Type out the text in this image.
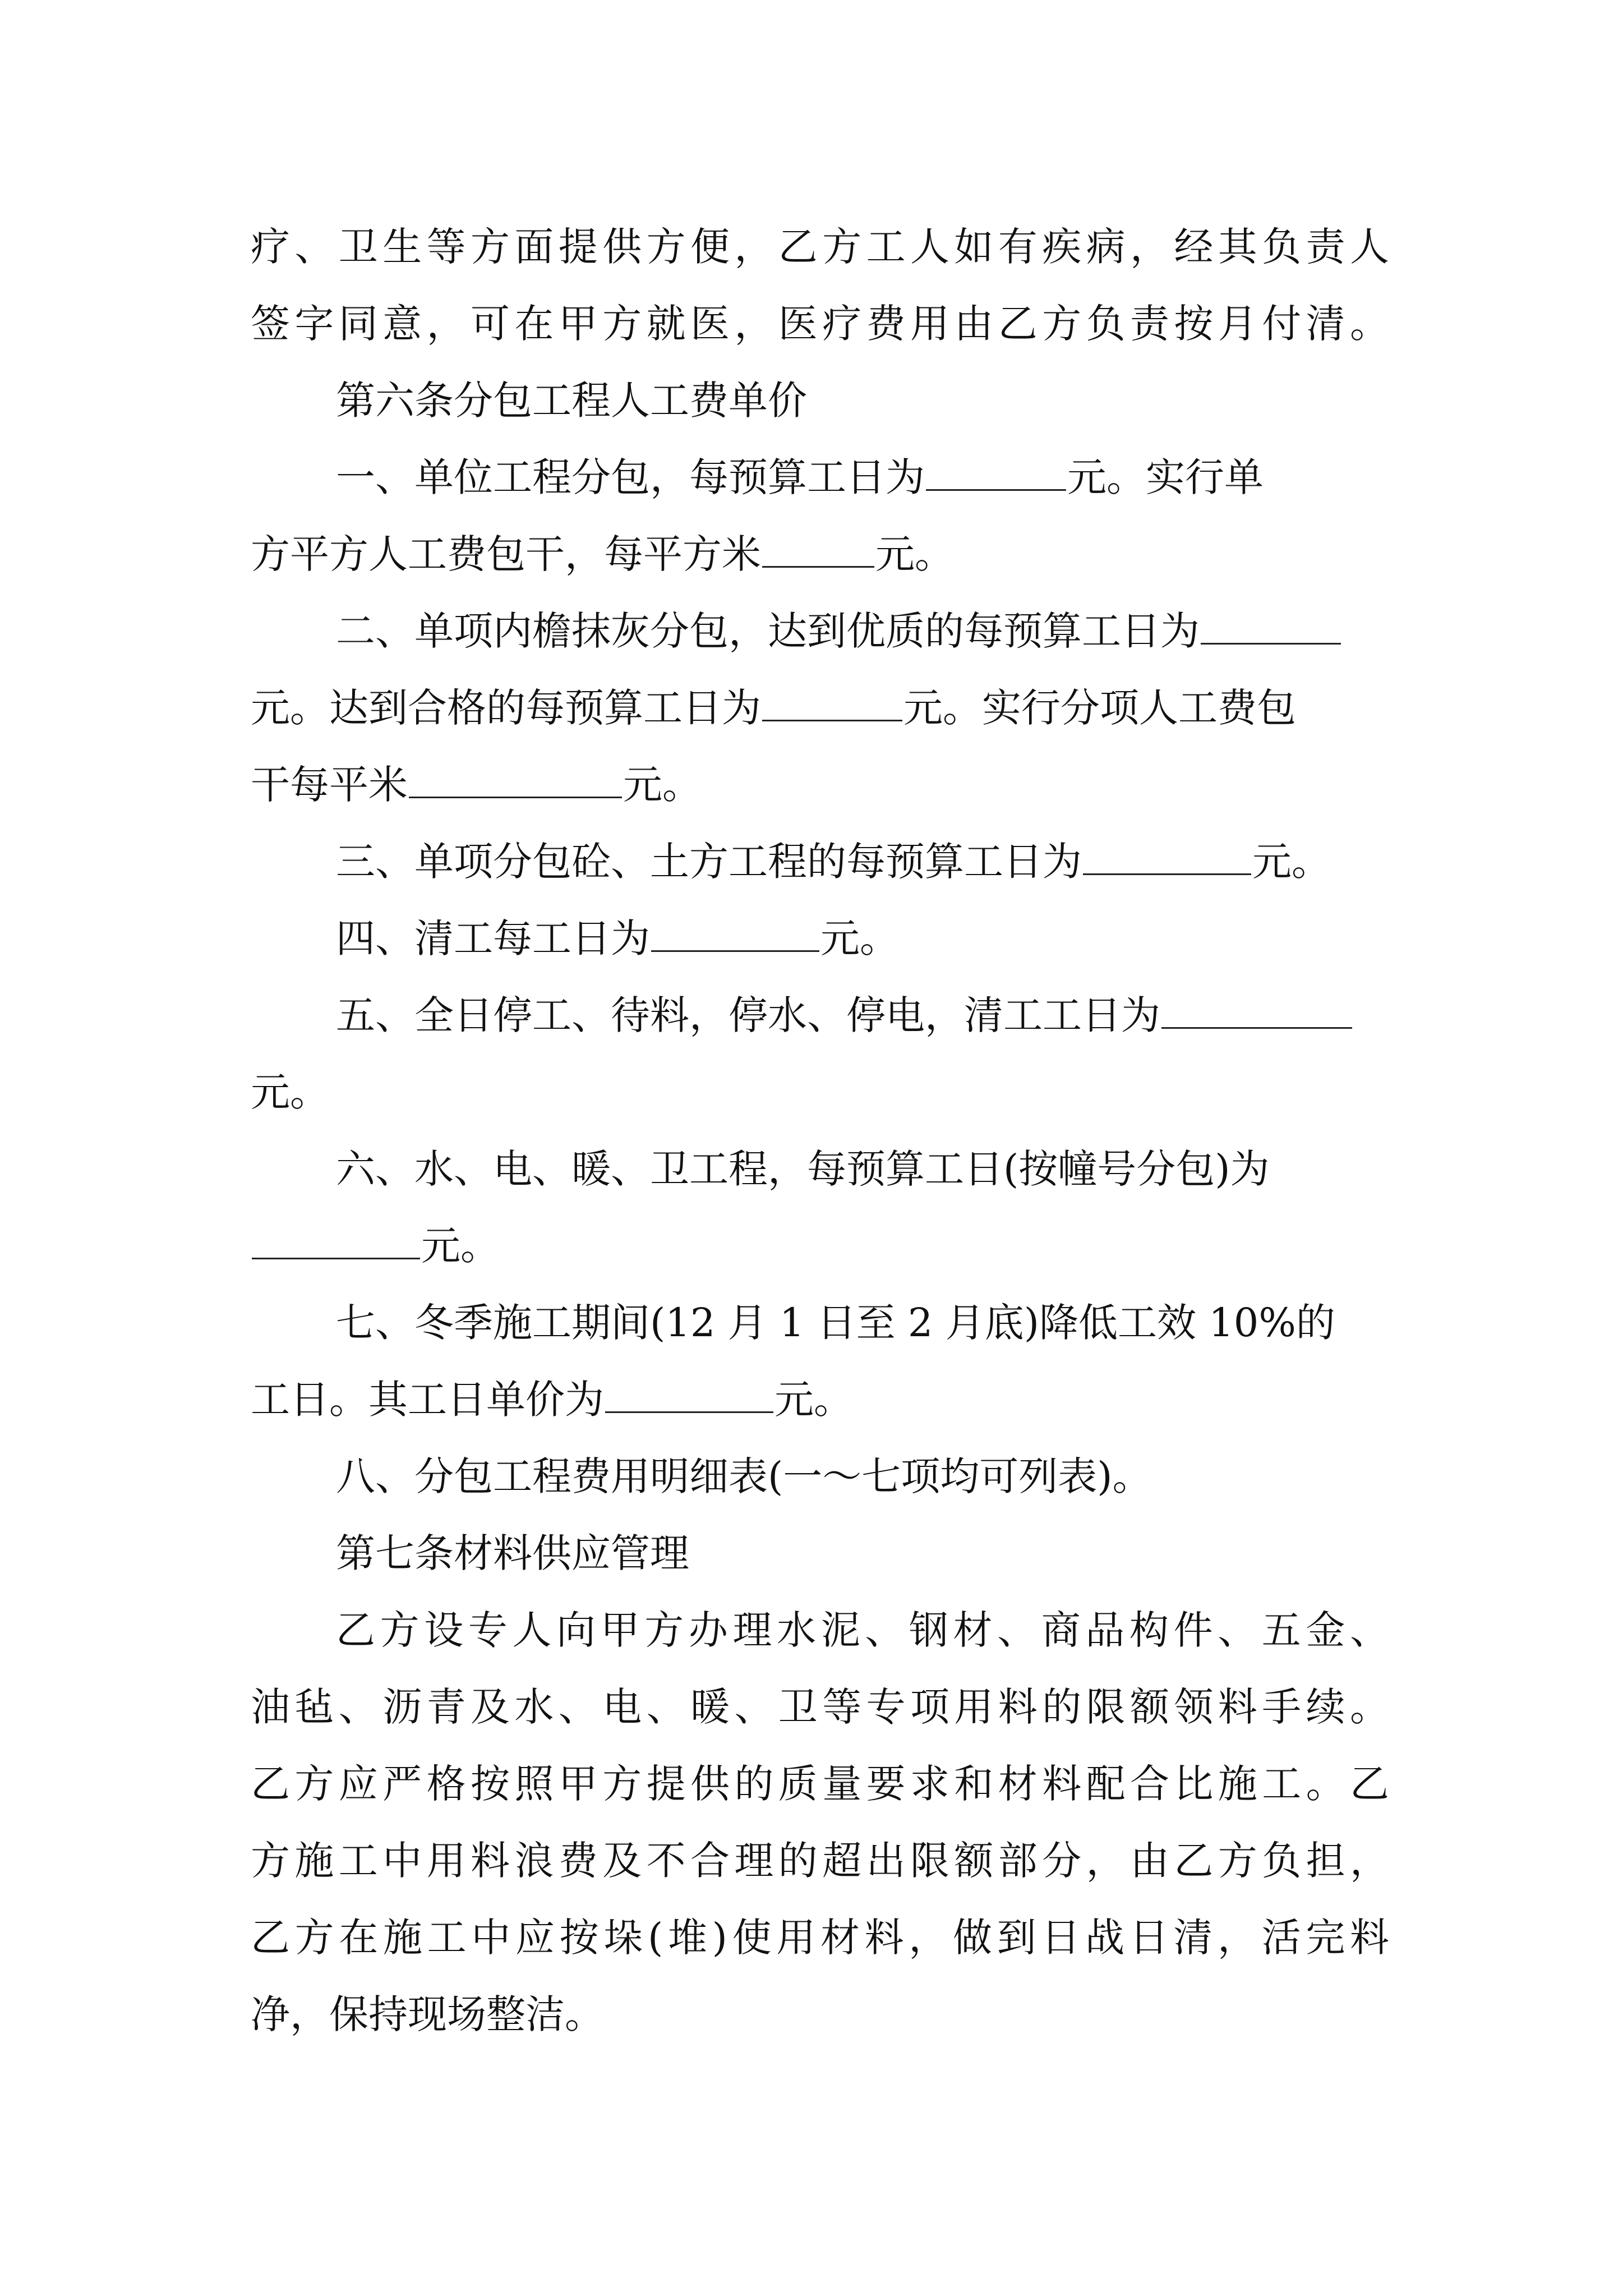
疗、卫生等方面提供方便，乙方工人如有疾病，经其负责人
签字同意，可在甲方就医，医疗费用由乙方负责按月付清。
第六条分包工程人工费单价
一、单位工程分包，每预算工日为	元。实行单
方平方人工费包干，每平方米	元。
二、单项内檐抹灰分包，达到优质的每预算工日为
元。达到合格的每预算工日为	元。实行分项人工费包
干每平米	元。
三、单项分包砼、土方工程的每预算工日为	元。
四、清工每工日为	元。
五、全日停工、待料，停水、停电，清工工日为
元。
六、水、电、暖、卫工程，每预算工日(按幢号分包)为
元。
七、冬季施工期间(12 月 1 日至 2 月底)降低工效 10%的
工日。其工日单价为	元。
八、分包工程费用明细表(一～七项均可列表)。
第七条材料供应管理
乙方设专人向甲方办理水泥、钢材、商品构件、五金、
油毡、沥青及水、电、暖、卫等专项用料的限额领料手续。
乙方应严格按照甲方提供的质量要求和材料配合比施工。乙
方施工中用料浪费及不合理的超出限额部分，由乙方负担，
乙方在施工中应按垛(堆)使用材料，做到日战日清，活完料
净，保持现场整洁。
